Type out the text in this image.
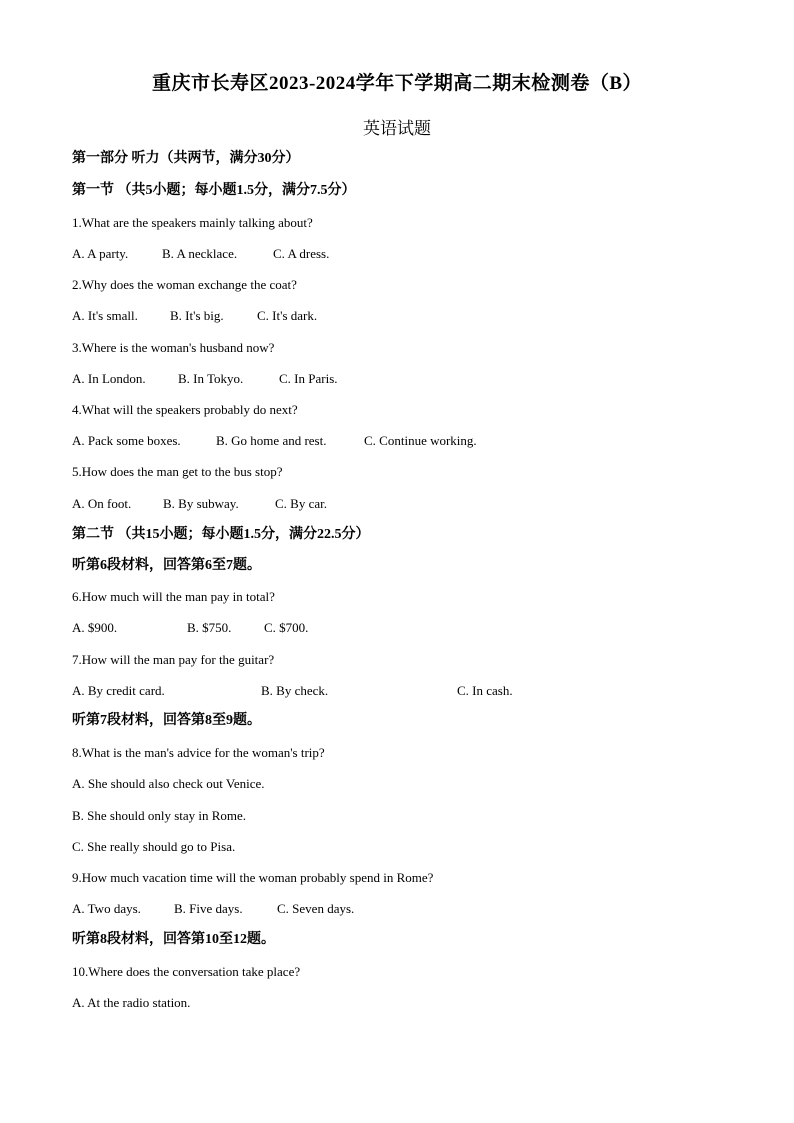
重庆市长寿区2023-2024学年下学期高二期末检测卷（B）
英语试题
第一部分 听力（共两节，满分30分）
第一节 （共5小题；每小题1.5分，满分7.5分）
1.What are the speakers mainly talking about?
A. A party.	B. A necklace.	C. A dress.
2.Why does the woman exchange the coat?
A. It's small. B. It's big.	C. It's dark.
3.Where is the woman's husband now?
A. In London. B. In Tokyo.	C. In Paris.
4.What will the speakers probably do next?
A. Pack some boxes.	B. Go home and rest.	C. Continue working.
5.How does the man get to the bus stop?
A. On foot. B. By subway.	C. By car.
第二节 （共15小题；每小题1.5分，满分22.5分）
听第6段材料，回答第6至7题。
6.How much will the man pay in total?
A. $900.	B. $750.	C. $700.
7.How will the man pay for the guitar?
A. By credit card.	B. By check.	C. In cash.
听第7段材料，回答第8至9题。
8.What is the man's advice for the woman's trip?
A. She should also check out Venice.
B. She should only stay in Rome.
C. She really should go to Pisa.
9.How much vacation time will the woman probably spend in Rome?
A. Two days.	B. Five days.	C. Seven days.
听第8段材料，回答第10至12题。
10.Where does the conversation take place?
A. At the radio station.
